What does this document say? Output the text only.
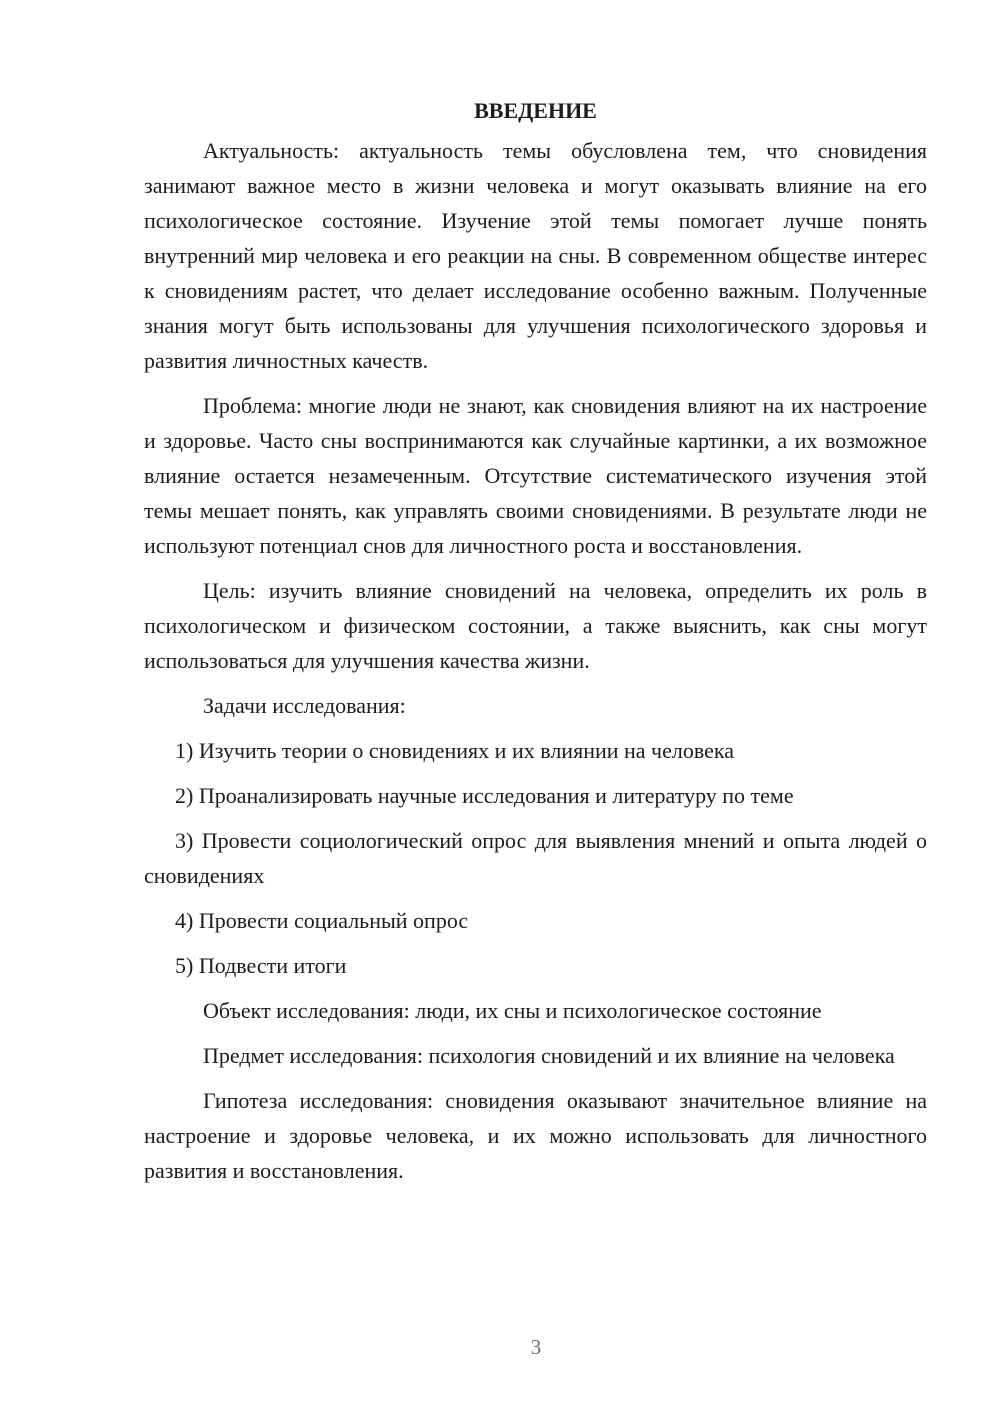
ВВЕДЕНИЕ

Актуальность: актуальность темы обусловлена тем, что сновидения занимают важное место в жизни человека и могут оказывать влияние на его психологическое состояние. Изучение этой темы помогает лучше понять внутренний мир человека и его реакции на сны. В современном обществе интерес к сновидениям растет, что делает исследование особенно важным. Полученные знания могут быть использованы для улучшения психологического здоровья и развития личностных качеств.

Проблема: многие люди не знают, как сновидения влияют на их настроение и здоровье. Часто сны воспринимаются как случайные картинки, а их возможное влияние остается незамеченным. Отсутствие систематического изучения этой темы мешает понять, как управлять своими сновидениями. В результате люди не используют потенциал снов для личностного роста и восстановления.

Цель: изучить влияние сновидений на человека, определить их роль в психологическом и физическом состоянии, а также выяснить, как сны могут использоваться для улучшения качества жизни.

Задачи исследования:

1) Изучить теории о сновидениях и их влиянии на человека

2) Проанализировать научные исследования и литературу по теме

3) Провести социологический опрос для выявления мнений и опыта людей о сновидениях

4) Провести социальный опрос

5) Подвести итоги

Объект исследования: люди, их сны и психологическое состояние

Предмет исследования: психология сновидений и их влияние на человека

Гипотеза исследования: сновидения оказывают значительное влияние на настроение и здоровье человека, и их можно использовать для личностного развития и восстановления.

3
